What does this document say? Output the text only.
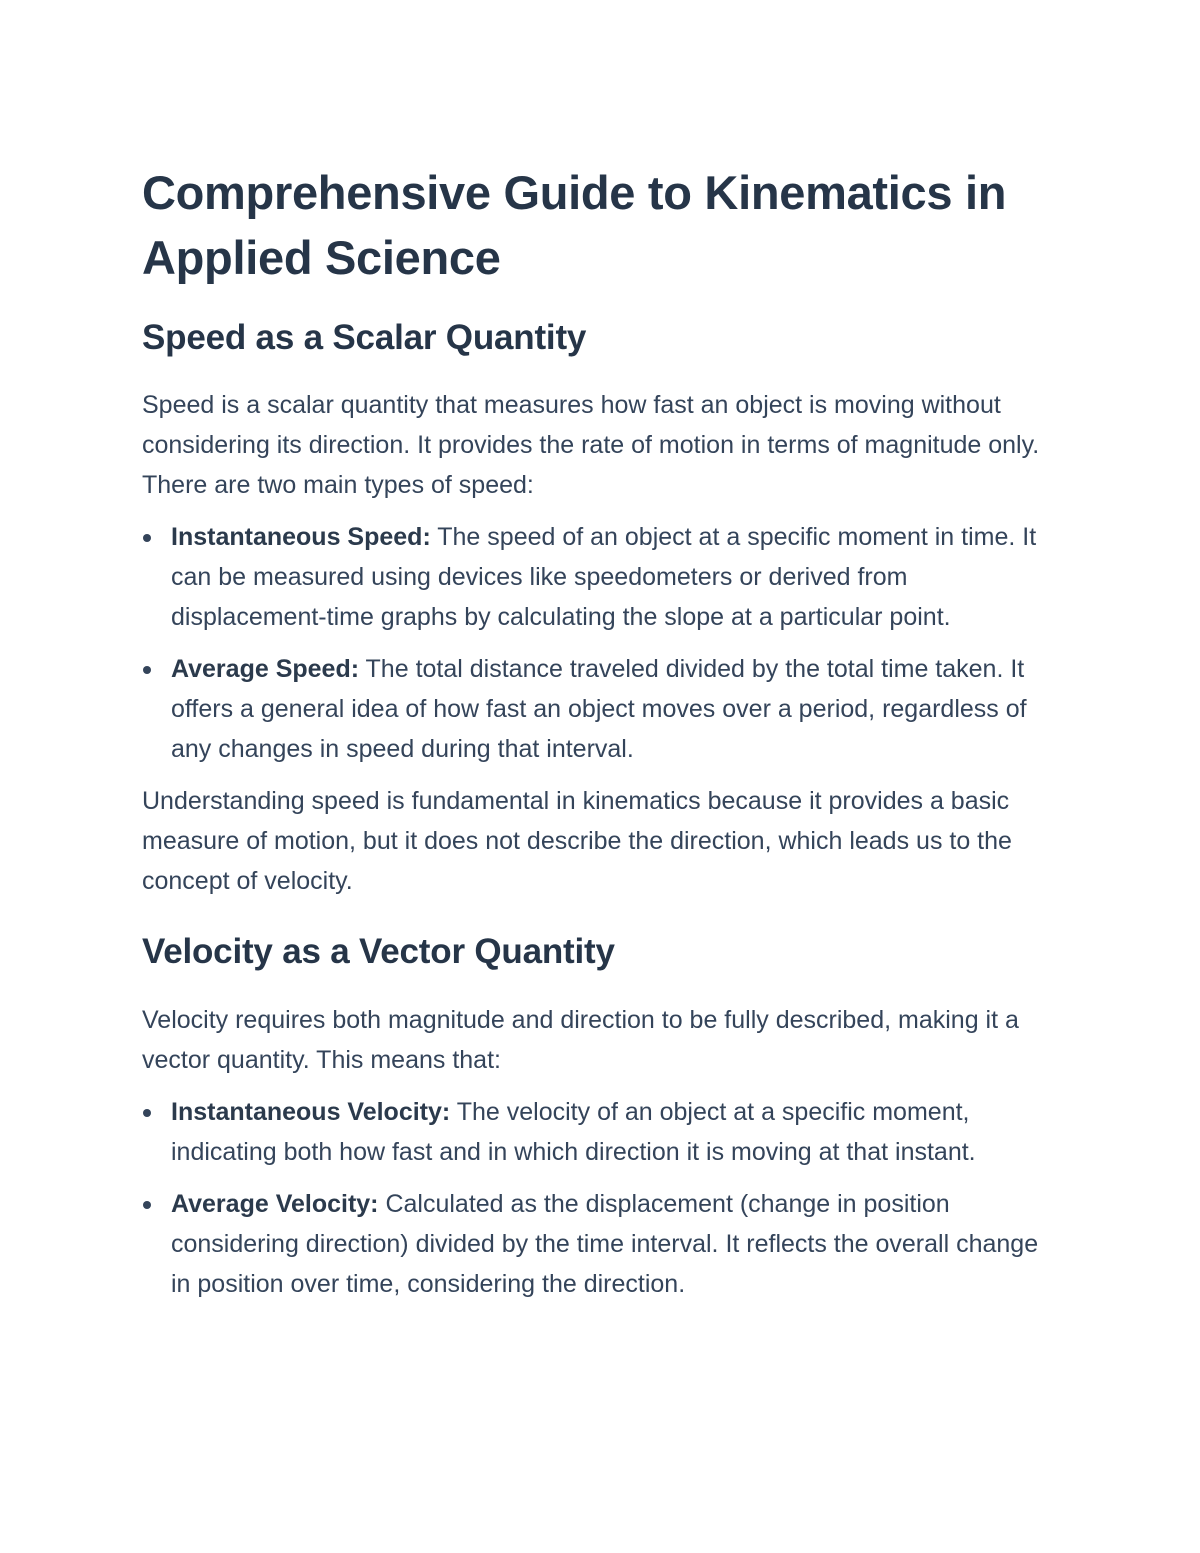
Comprehensive Guide to Kinematics in Applied Science
Speed as a Scalar Quantity

Speed is a scalar quantity that measures how fast an object is moving without considering its direction. It provides the rate of motion in terms of magnitude only. There are two main types of speed:

Instantaneous Speed: The speed of an object at a specific moment in time. It can be measured using devices like speedometers or derived from displacement-time graphs by calculating the slope at a particular point.
Average Speed: The total distance traveled divided by the total time taken. It offers a general idea of how fast an object moves over a period, regardless of any changes in speed during that interval.

Understanding speed is fundamental in kinematics because it provides a basic measure of motion, but it does not describe the direction, which leads us to the concept of velocity.

Velocity as a Vector Quantity

Velocity requires both magnitude and direction to be fully described, making it a vector quantity. This means that:

Instantaneous Velocity: The velocity of an object at a specific moment, indicating both how fast and in which direction it is moving at that instant.
Average Velocity: Calculated as the displacement (change in position considering direction) divided by the time interval. It reflects the overall change in position over time, considering the direction.
